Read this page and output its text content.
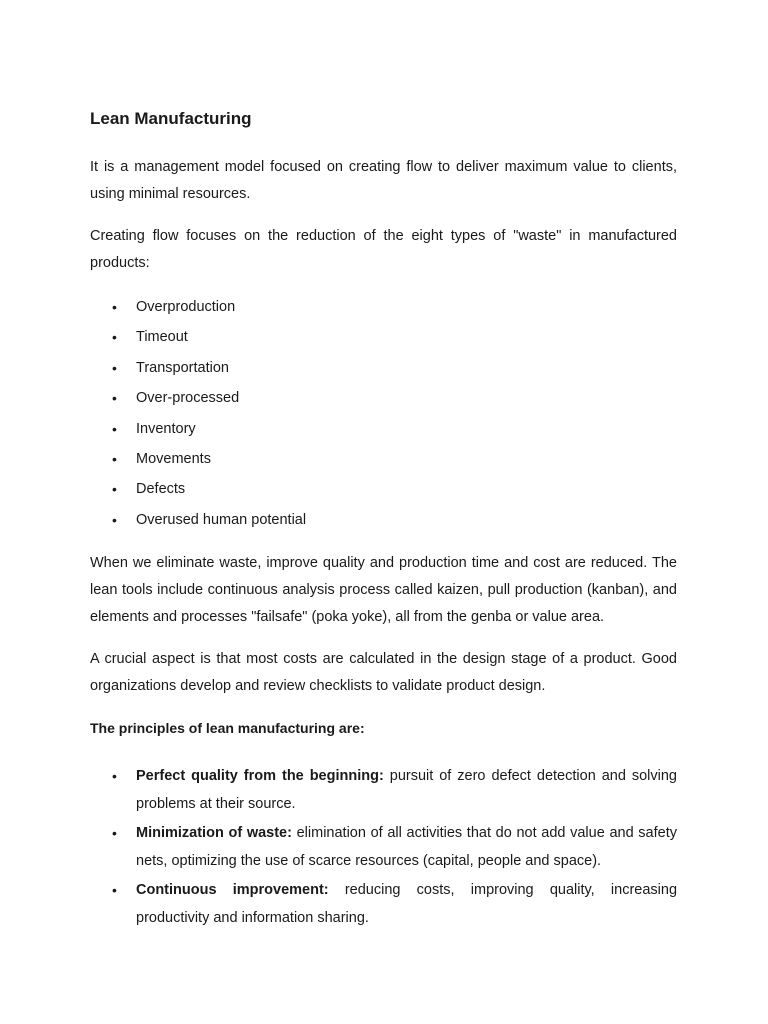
Lean Manufacturing

It is a management model focused on creating flow to deliver maximum value to clients, using minimal resources.

Creating flow focuses on the reduction of the eight types of "waste" in manufactured products:

• Overproduction
• Timeout
• Transportation
• Over-processed
• Inventory
• Movements
• Defects
• Overused human potential

When we eliminate waste, improve quality and production time and cost are reduced. The lean tools include continuous analysis process called kaizen, pull production (kanban), and elements and processes "failsafe" (poka yoke), all from the genba or value area.

A crucial aspect is that most costs are calculated in the design stage of a product. Good organizations develop and review checklists to validate product design.

The principles of lean manufacturing are:
• Perfect quality from the beginning: pursuit of zero defect detection and solving problems at their source.
• Minimization of waste: elimination of all activities that do not add value and safety nets, optimizing the use of scarce resources (capital, people and space).
• Continuous improvement: reducing costs, improving quality, increasing productivity and information sharing.
